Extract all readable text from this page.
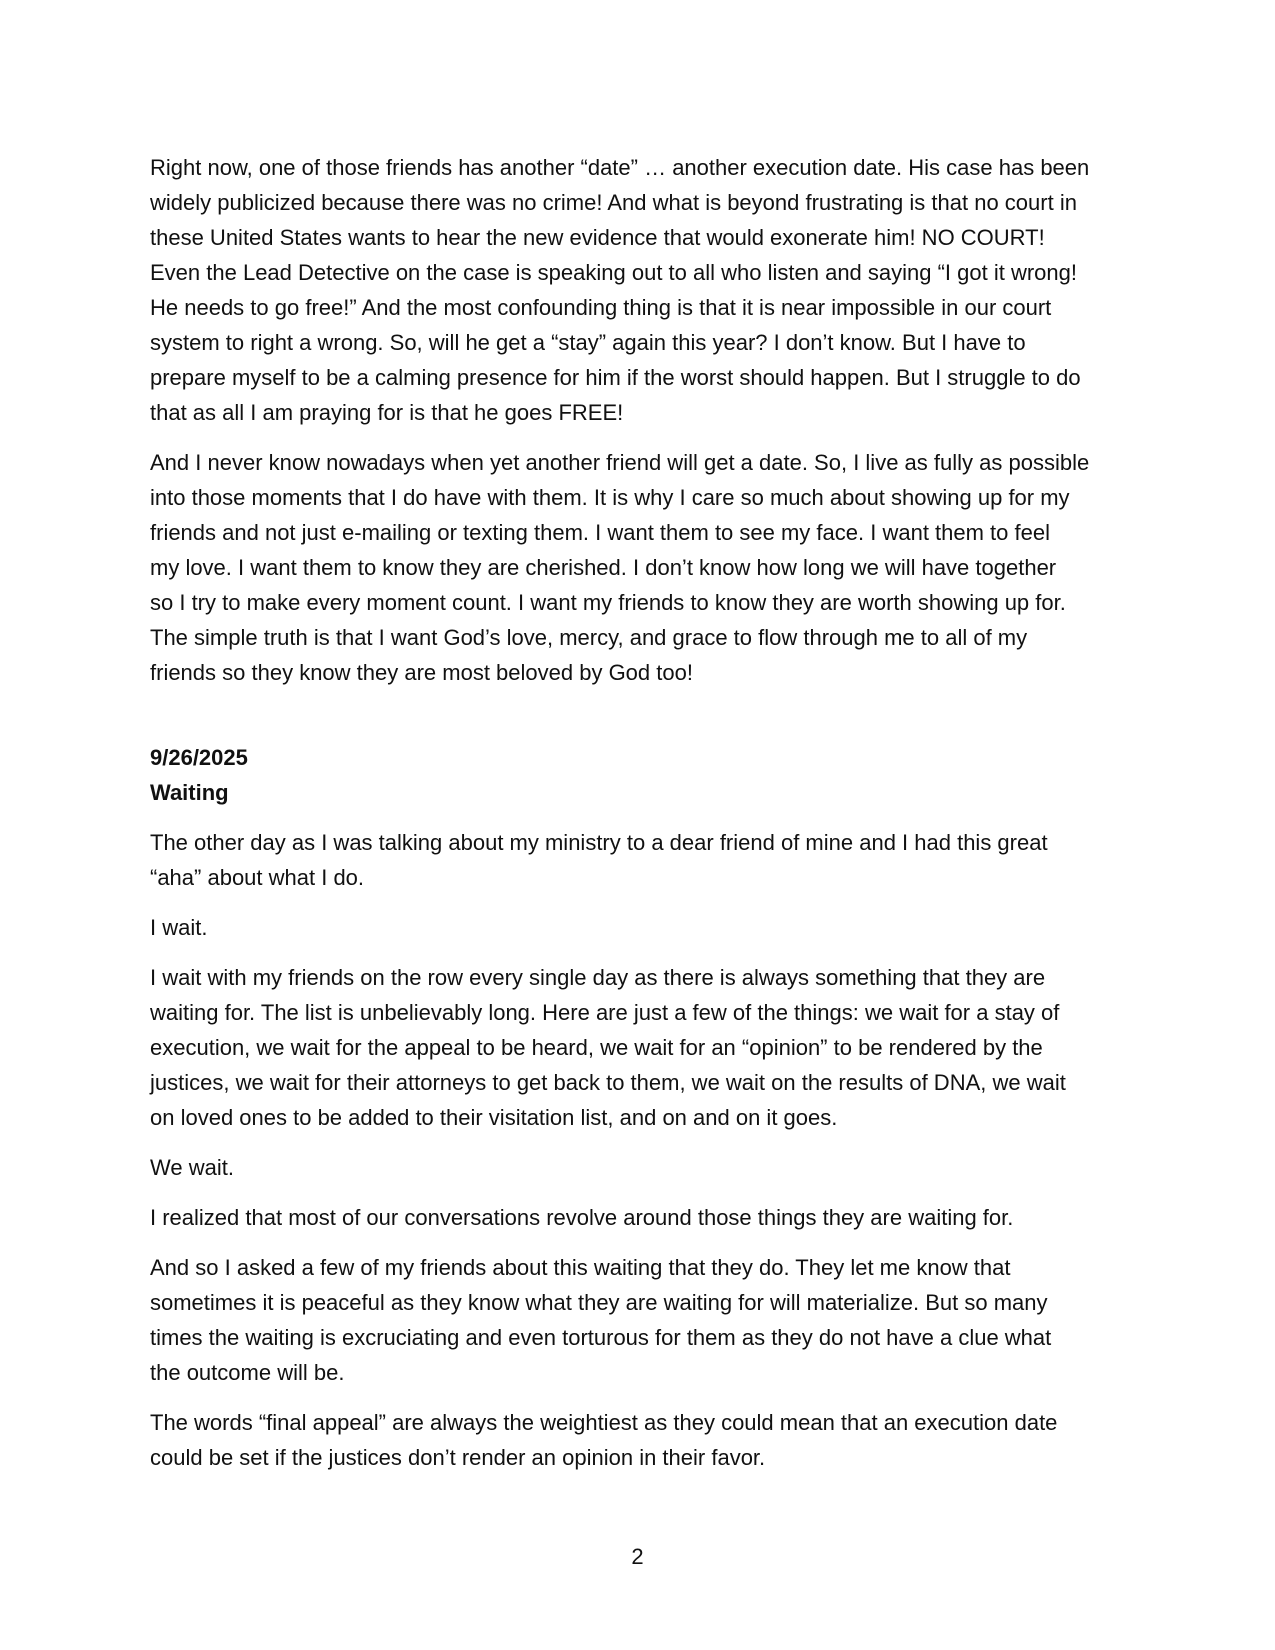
Right now, one of those friends has another “date” … another execution date. His case has been
widely publicized because there was no crime! And what is beyond frustrating is that no court in
these United States wants to hear the new evidence that would exonerate him! NO COURT!
Even the Lead Detective on the case is speaking out to all who listen and saying “I got it wrong!
He needs to go free!” And the most confounding thing is that it is near impossible in our court
system to right a wrong. So, will he get a “stay” again this year? I don’t know. But I have to
prepare myself to be a calming presence for him if the worst should happen. But I struggle to do
that as all I am praying for is that he goes FREE!

And I never know nowadays when yet another friend will get a date. So, I live as fully as possible
into those moments that I do have with them. It is why I care so much about showing up for my
friends and not just e-mailing or texting them. I want them to see my face. I want them to feel
my love. I want them to know they are cherished. I don’t know how long we will have together
so I try to make every moment count. I want my friends to know they are worth showing up for.
The simple truth is that I want God’s love, mercy, and grace to flow through me to all of my
friends so they know they are most beloved by God too!

9/26/2025

Waiting

The other day as I was talking about my ministry to a dear friend of mine and I had this great
“aha” about what I do.

I wait.

I wait with my friends on the row every single day as there is always something that they are
waiting for. The list is unbelievably long. Here are just a few of the things: we wait for a stay of
execution, we wait for the appeal to be heard, we wait for an “opinion” to be rendered by the
justices, we wait for their attorneys to get back to them, we wait on the results of DNA, we wait
on loved ones to be added to their visitation list, and on and on it goes.

We wait.

I realized that most of our conversations revolve around those things they are waiting for.

And so I asked a few of my friends about this waiting that they do. They let me know that
sometimes it is peaceful as they know what they are waiting for will materialize. But so many
times the waiting is excruciating and even torturous for them as they do not have a clue what
the outcome will be.

The words “final appeal” are always the weightiest as they could mean that an execution date
could be set if the justices don’t render an opinion in their favor.

2
